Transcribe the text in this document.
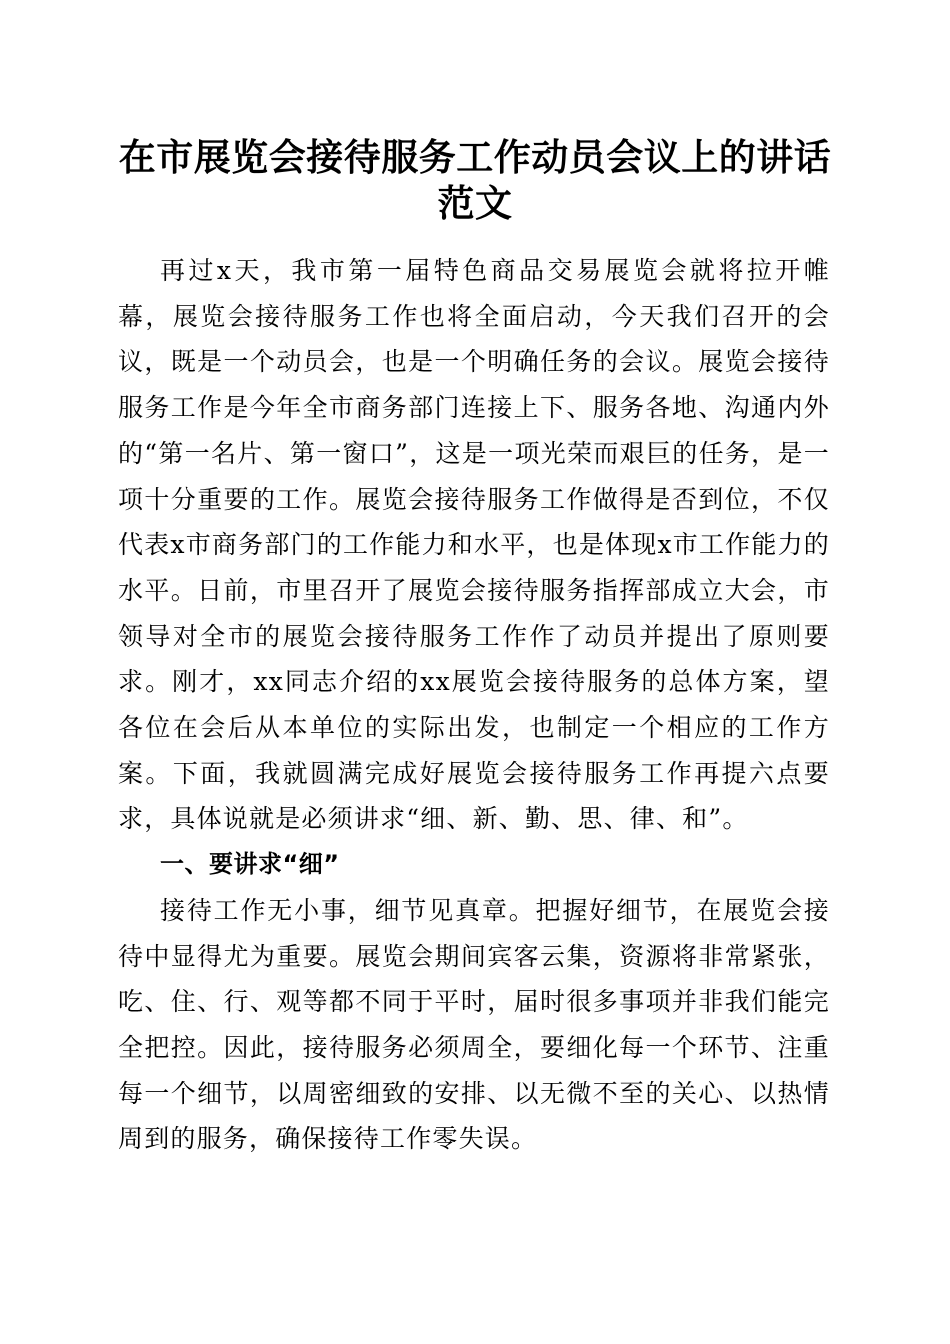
在市展览会接待服务工作动员会议上的讲话范文

再过x天，我市第一届特色商品交易展览会就将拉开帷幕，展览会接待服务工作也将全面启动，今天我们召开的会议，既是一个动员会，也是一个明确任务的会议。展览会接待服务工作是今年全市商务部门连接上下、服务各地、沟通内外的“第一名片、第一窗口”，这是一项光荣而艰巨的任务，是一项十分重要的工作。展览会接待服务工作做得是否到位，不仅代表x市商务部门的工作能力和水平，也是体现x市工作能力的水平。日前，市里召开了展览会接待服务指挥部成立大会，市领导对全市的展览会接待服务工作作了动员并提出了原则要求。刚才，xx同志介绍的xx展览会接待服务的总体方案，望各位在会后从本单位的实际出发，也制定一个相应的工作方案。下面，我就圆满完成好展览会接待服务工作再提六点要求，具体说就是必须讲求“细、新、勤、思、律、和”。

一、要讲求“细”

接待工作无小事，细节见真章。把握好细节，在展览会接待中显得尤为重要。展览会期间宾客云集，资源将非常紧张，吃、住、行、观等都不同于平时，届时很多事项并非我们能完全把控。因此，接待服务必须周全，要细化每一个环节、注重每一个细节，以周密细致的安排、以无微不至的关心、以热情周到的服务，确保接待工作零失误。
